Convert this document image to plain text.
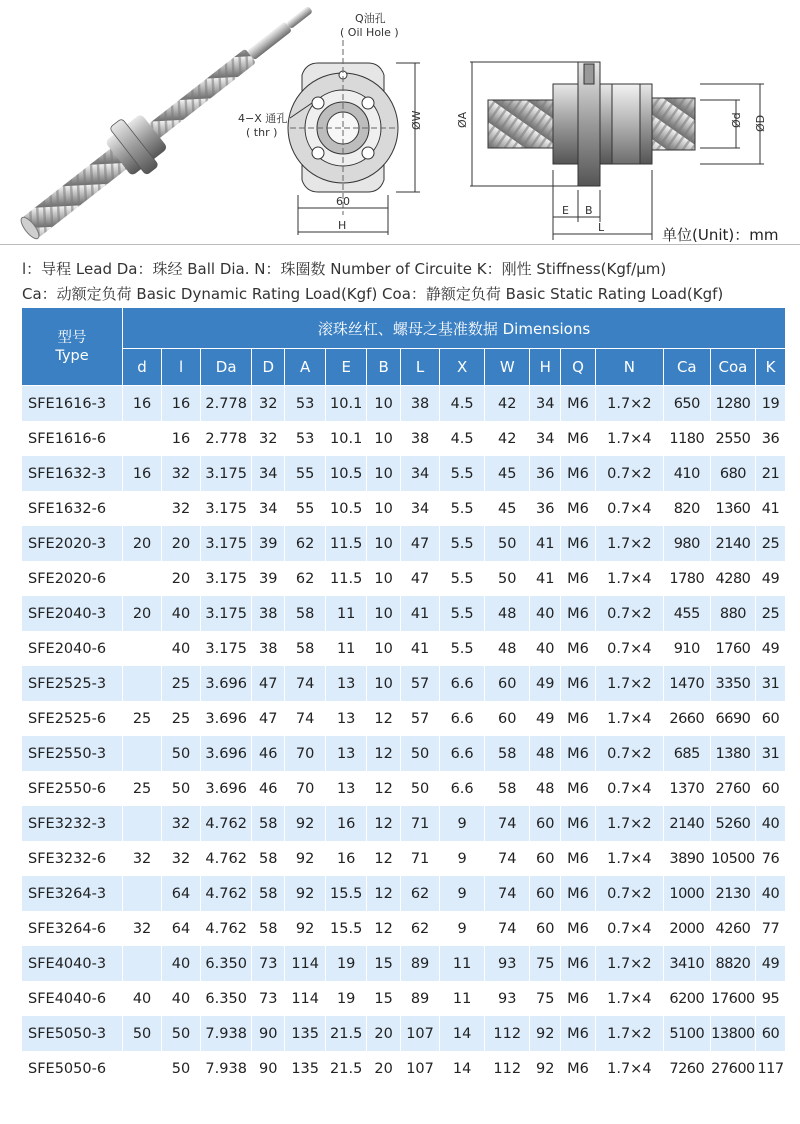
Q油孔
( Oil Hole )
4−X 通孔
( thr )
60
H
ØW	ØA	Ød ØD
E B
L	单位(Unit)：mm
l：导程 Lead Da：珠经 Ball Dia. N：珠圈数 Number of Circuite K：刚性 Stiffness(Kgf/μm)
Ca：动额定负荷 Basic Dynamic Rating Load(Kgf) Coa：静额定负荷 Basic Static Rating Load(Kgf)
型号
Type	滚珠丝杠、螺母之基准数据 Dimensions															
	d	l	Da	D	A	E	B	L	X	W	H	Q	N	Ca	Coa	K
SFE1616-3	16	16	2.778	32	53	10.1	10	38	4.5	42	34	M6	1.7×2	650	1280	19
SFE1616-6		16	2.778	32	53	10.1	10	38	4.5	42	34	M6	1.7×4	1180	2550	36
SFE1632-3	16	32	3.175	34	55	10.5	10	34	5.5	45	36	M6	0.7×2	410	680	21
SFE1632-6		32	3.175	34	55	10.5	10	34	5.5	45	36	M6	0.7×4	820	1360	41
SFE2020-3	20	20	3.175	39	62	11.5	10	47	5.5	50	41	M6	1.7×2	980	2140	25
SFE2020-6		20	3.175	39	62	11.5	10	47	5.5	50	41	M6	1.7×4	1780	4280	49
SFE2040-3	20	40	3.175	38	58	11	10	41	5.5	48	40	M6	0.7×2	455	880	25
SFE2040-6		40	3.175	38	58	11	10	41	5.5	48	40	M6	0.7×4	910	1760	49
SFE2525-3		25	3.696	47	74	13	10	57	6.6	60	49	M6	1.7×2	1470	3350	31
SFE2525-6	25	25	3.696	47	74	13	12	57	6.6	60	49	M6	1.7×4	2660	6690	60
SFE2550-3		50	3.696	46	70	13	12	50	6.6	58	48	M6	0.7×2	685	1380	31
SFE2550-6	25	50	3.696	46	70	13	12	50	6.6	58	48	M6	0.7×4	1370	2760	60
SFE3232-3		32	4.762	58	92	16	12	71	9	74	60	M6	1.7×2	2140	5260	40
SFE3232-6	32	32	4.762	58	92	16	12	71	9	74	60	M6	1.7×4	3890	10500	76
SFE3264-3		64	4.762	58	92	15.5	12	62	9	74	60	M6	0.7×2	1000	2130	40
SFE3264-6	32	64	4.762	58	92	15.5	12	62	9	74	60	M6	0.7×4	2000	4260	77
SFE4040-3		40	6.350	73	114	19	15	89	11	93	75	M6	1.7×2	3410	8820	49
SFE4040-6	40	40	6.350	73	114	19	15	89	11	93	75	M6	1.7×4	6200	17600	95
SFE5050-3	50	50	7.938	90	135	21.5	20	107	14	112	92	M6	1.7×2	5100	13800	60
SFE5050-6		50	7.938	90	135	21.5	20	107	14	112	92	M6	1.7×4	7260	27600	117
